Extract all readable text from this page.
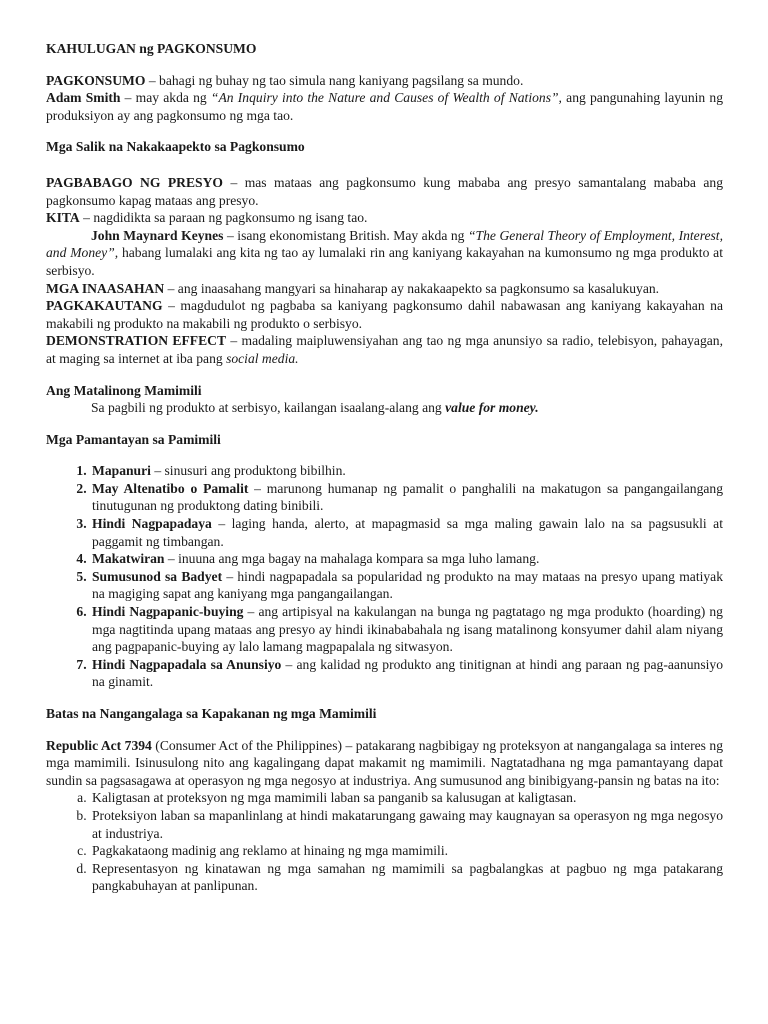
KAHULUGAN ng PAGKONSUMO

PAGKONSUMO – bahagi ng buhay ng tao simula nang kaniyang pagsilang sa mundo.

Adam Smith – may akda ng “An Inquiry into the Nature and Causes of Wealth of Nations”, ang pangunahing layunin ng produksiyon ay ang pagkonsumo ng mga tao.

Mga Salik na Nakakaapekto sa Pagkonsumo

PAGBABAGO NG PRESYO – mas mataas ang pagkonsumo kung mababa ang presyo samantalang mababa ang pagkonsumo kapag mataas ang presyo.

KITA – nagdidikta sa paraan ng pagkonsumo ng isang tao.

John Maynard Keynes – isang ekonomistang British. May akda ng “The General Theory of Employment, Interest, and Money”, habang lumalaki ang kita ng tao ay lumalaki rin ang kaniyang kakayahan na kumonsumo ng mga produkto at serbisyo.

MGA INAASAHAN – ang inaasahang mangyari sa hinaharap ay nakakaapekto sa pagkonsumo sa kasalukuyan.

PAGKAKAUTANG – magdudulot ng pagbaba sa kaniyang pagkonsumo dahil nabawasan ang kaniyang kakayahan na makabili ng produkto na makabili ng produkto o serbisyo.

DEMONSTRATION EFFECT – madaling maipluwensiyahan ang tao ng mga anunsiyo sa radio, telebisyon, pahayagan, at maging sa internet at iba pang social media.

Ang Matalinong Mamimili

Sa pagbili ng produkto at serbisyo, kailangan isaalang-alang ang value for money.

Mga Pamantayan sa Pamimili

1. Mapanuri – sinusuri ang produktong bibilhin.
2. May Altenatibo o Pamalit – marunong humanap ng pamalit o panghalili na makatugon sa pangangailangang tinutugunan ng produktong dating binibili.
3. Hindi Nagpapadaya – laging handa, alerto, at mapagmasid sa mga maling gawain lalo na sa pagsusukli at paggamit ng timbangan.
4. Makatwiran – inuuna ang mga bagay na mahalaga kompara sa mga luho lamang.
5. Sumusunod sa Badyet – hindi nagpapadala sa popularidad ng produkto na may mataas na presyo upang matiyak na magiging sapat ang kaniyang mga pangangailangan.
6. Hindi Nagpapanic-buying – ang artipisyal na kakulangan na bunga ng pagtatago ng mga produkto (hoarding) ng mga nagtitinda upang mataas ang presyo ay hindi ikinababahala ng isang matalinong konsyumer dahil alam niyang ang pagpapanic-buying ay lalo lamang magpapalala ng sitwasyon.
7. Hindi Nagpapadala sa Anunsiyo – ang kalidad ng produkto ang tinitignan at hindi ang paraan ng pag-aanunsiyo na ginamit.

Batas na Nangangalaga sa Kapakanan ng mga Mamimili

Republic Act 7394 (Consumer Act of the Philippines) – patakarang nagbibigay ng proteksyon at nangangalaga sa interes ng mga mamimili. Isinusulong nito ang kagalingang dapat makamit ng mamimili. Nagtatadhana ng mga pamantayang dapat sundin sa pagsasagawa at operasyon ng mga negosyo at industriya. Ang sumusunod ang binibigyang-pansin ng batas na ito:

a. Kaligtasan at proteksyon ng mga mamimili laban sa panganib sa kalusugan at kaligtasan.
b. Proteksiyon laban sa mapanlinlang at hindi makatarungang gawaing may kaugnayan sa operasyon ng mga negosyo at industriya.
c. Pagkakataong madinig ang reklamo at hinaing ng mga mamimili.
d. Representasyon ng kinatawan ng mga samahan ng mamimili sa pagbalangkas at pagbuo ng mga patakarang pangkabuhayan at panlipunan.
